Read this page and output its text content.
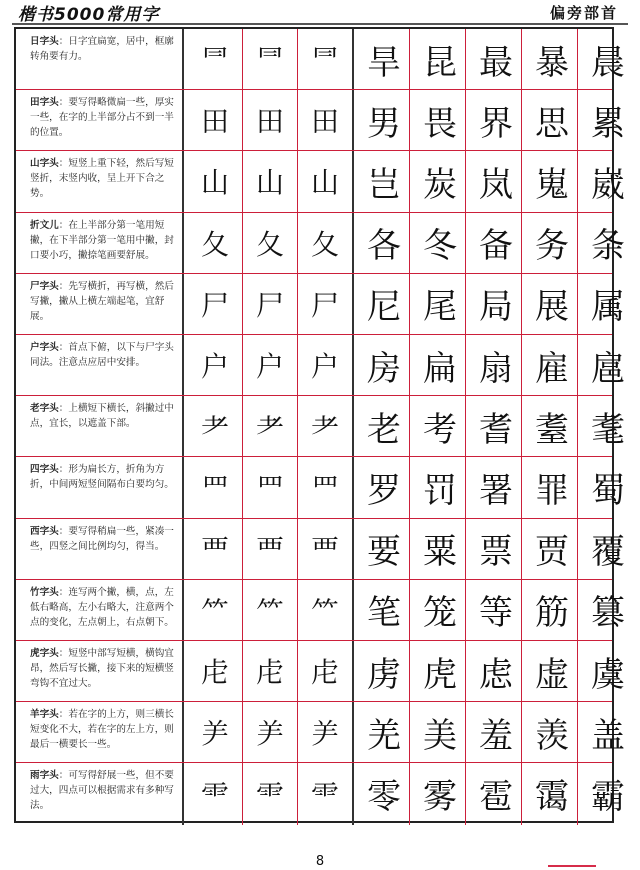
楷书5000常用字	偏旁部首
日字头：日字宜扁宽，居中，框廓转角要有力。	⺜ ⺜ ⺜ 旱 昆 最 暴 晨
田字头：要写得略微扁一些，厚实一些，在字的上半部分占不到一半的位置。	田 田 田 男 畏 界 思 累
山字头：短竖上重下轻，然后写短竖折，末竖内收，呈上开下合之势。	山 山 山 岂 炭 岚 嵬 崴
折文儿：在上半部分第一笔用短撇，在下半部分第一笔用中撇，封口要小巧，撇捺笔画要舒展。	夂 夂 夂 各 冬 备 务 条
尸字头：先写横折，再写横，然后写撇，撇从上横左端起笔，宜舒展。	尸 尸 尸 尼 尾 局 展 属
户字头：首点下俯，以下与尸字头同法。注意点应居中安排。	户 户 户 房 扁 扇 雇 扈
老字头：上横短下横长，斜撇过中点，宜长，以遮盖下部。	耂 耂 耂 老 考 耆 耋 耄
四字头：形为扁长方，折角为方折，中间两短竖间隔布白要均匀。 罒 罒 罒 罗 罚 署 罪 蜀
西字头：要写得稍扁一些，紧凑一些，四竖之间比例均匀，得当。	覀 覀 覀 要 粟 票 贾 覆
竹字头：连写两个撇，横，点，左低右略高，左小右略大，注意两个点的变化，左点朝上，右点朝下。 ⺮ ⺮ ⺮ 笔 笼 等 筋 篡
虎字头：短竖中部写短横，横钩宜昂，然后写长撇，接下来的短横竖弯钩不宜过大。	虍 虍 虍 虏 虎 虑 虚 虞
羊字头：若在字的上方，则三横长短变化不大，若在字的左上方，则最后一横要长一些。	⺶ ⺶ ⺶ 羌 美 羞 羡 盖
雨字头：可写得舒展一些，但不要过大，四点可以根据需求有多种写法。	⻗ ⻗ ⻗ 零 雾 雹 霭 霸
8
